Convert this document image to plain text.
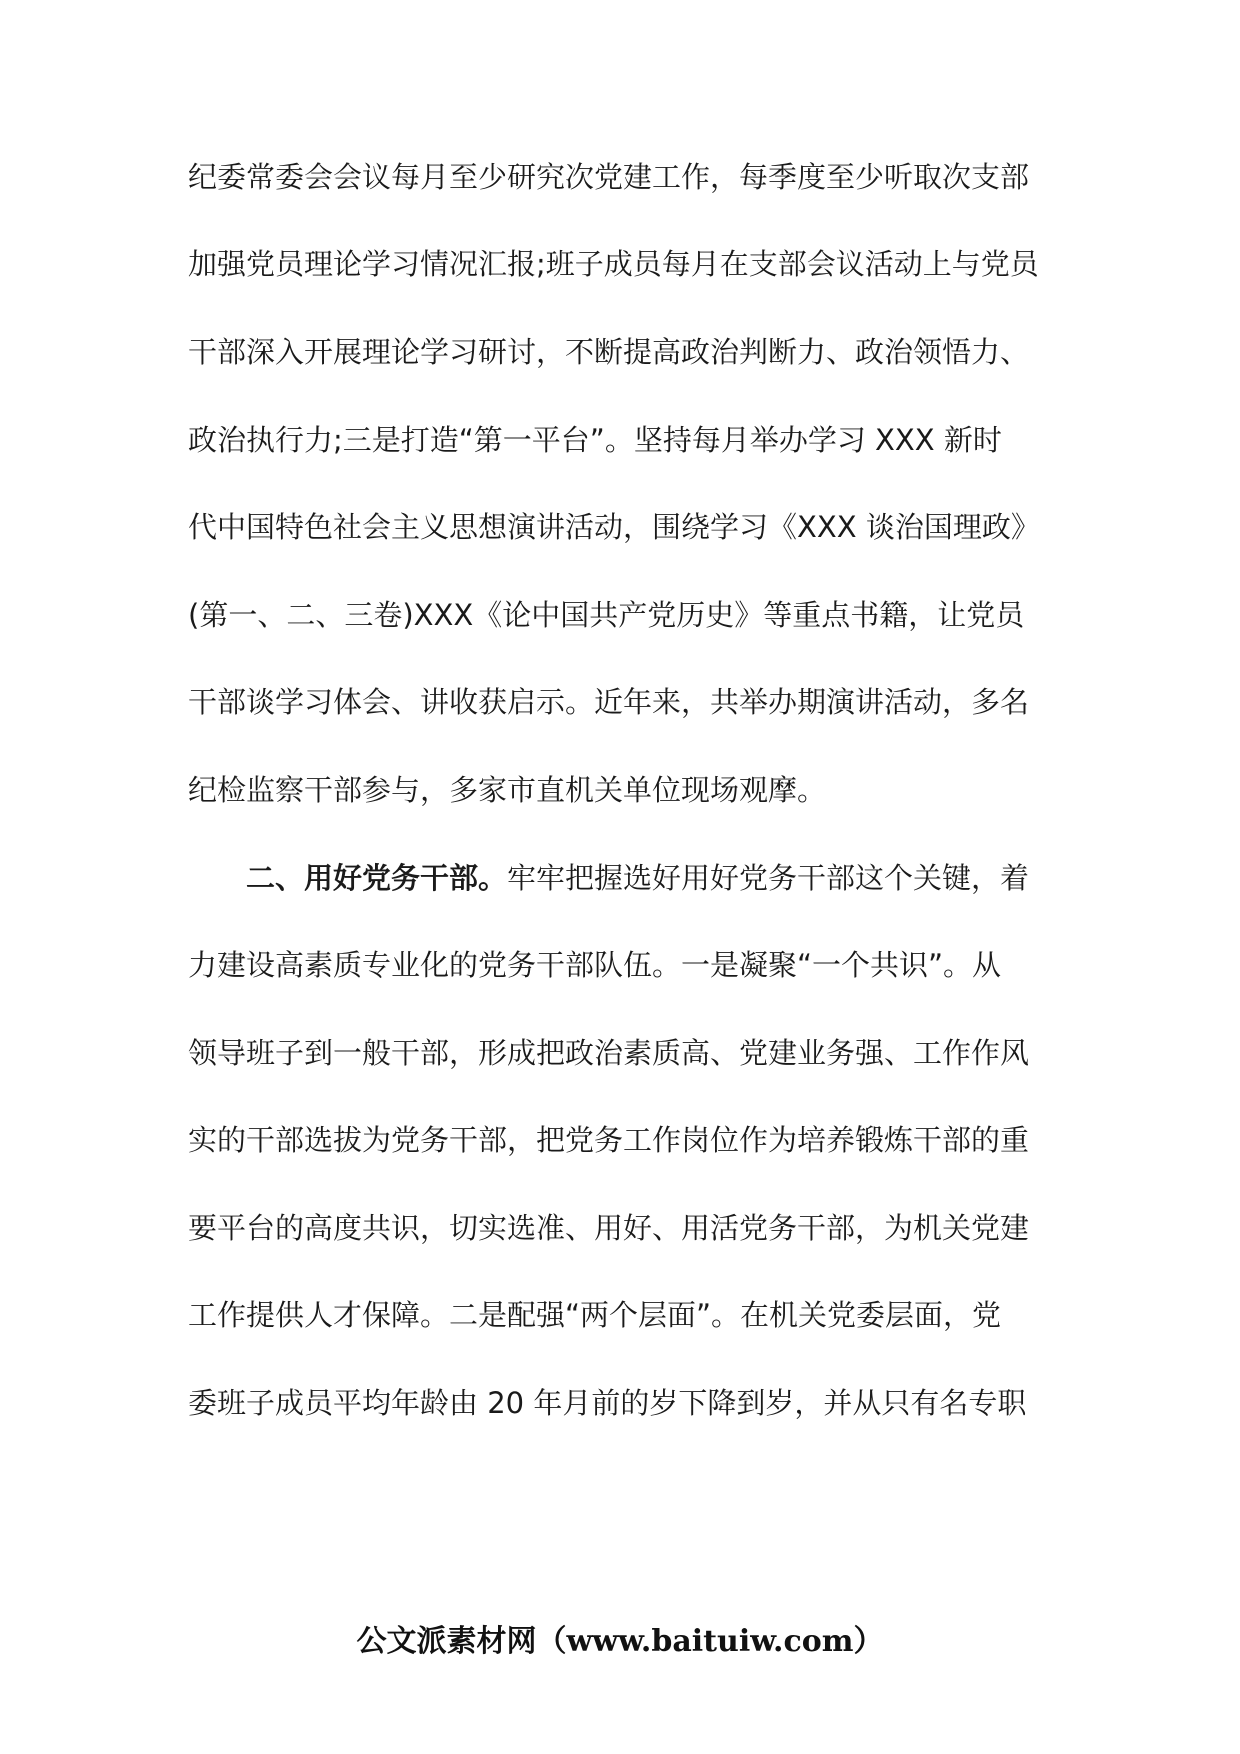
纪委常委会会议每月至少研究次党建工作，每季度至少听取次支部
加强党员理论学习情况汇报;班子成员每月在支部会议活动上与党员
干部深入开展理论学习研讨，不断提高政治判断力、政治领悟力、
政治执行力;三是打造“第一平台”。坚持每月举办学习 XXX 新时
代中国特色社会主义思想演讲活动，围绕学习《XXX 谈治国理政》
(第一、二、三卷)XXX《论中国共产党历史》等重点书籍，让党员
干部谈学习体会、讲收获启示。近年来，共举办期演讲活动，多名
纪检监察干部参与，多家市直机关单位现场观摩。
二、用好党务干部。牢牢把握选好用好党务干部这个关键，着
力建设高素质专业化的党务干部队伍。一是凝聚“一个共识”。从
领导班子到一般干部，形成把政治素质高、党建业务强、工作作风
实的干部选拔为党务干部，把党务工作岗位作为培养锻炼干部的重
要平台的高度共识，切实选准、用好、用活党务干部，为机关党建
工作提供人才保障。二是配强“两个层面”。在机关党委层面，党
委班子成员平均年龄由 20 年月前的岁下降到岁，并从只有名专职
公文派素材网（www.baituiw.com）
